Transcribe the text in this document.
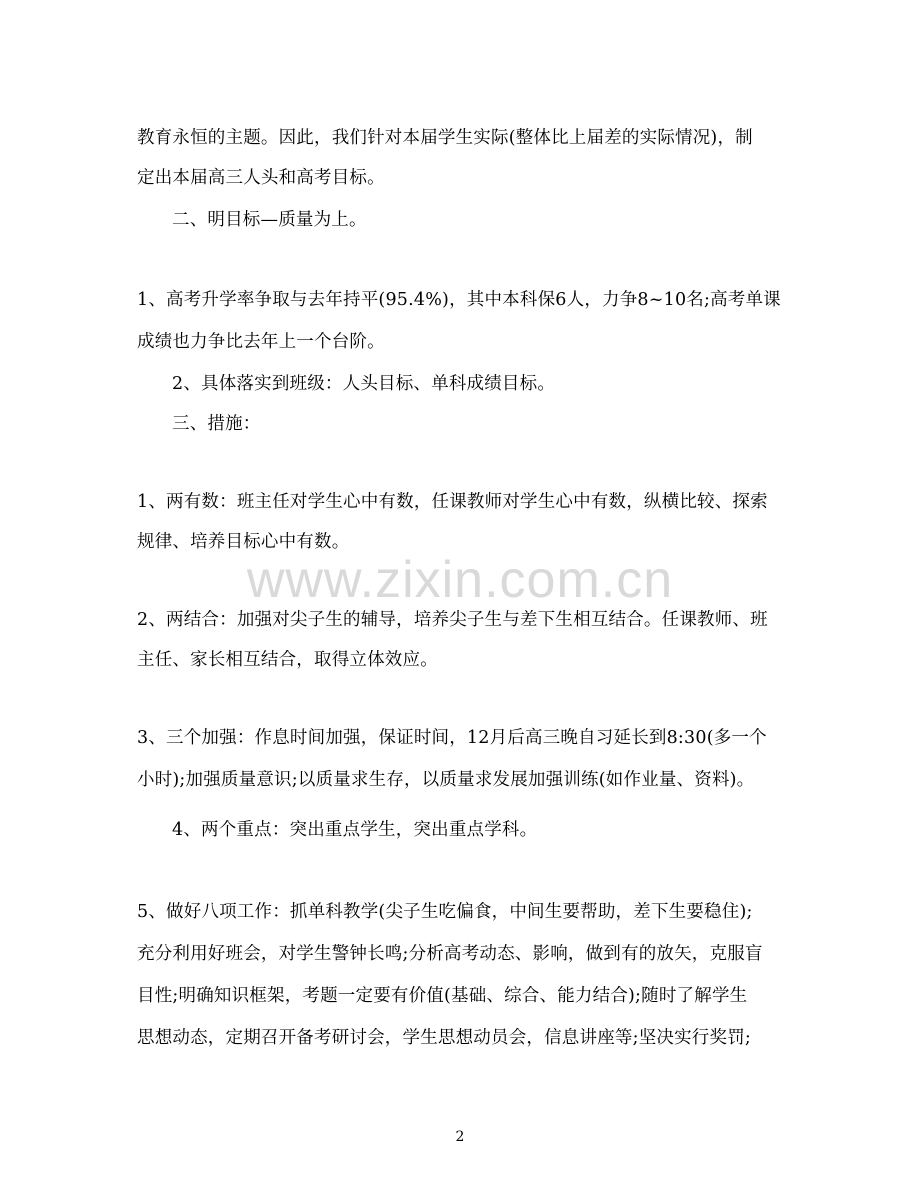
教育永恒的主题。因此，我们针对本届学生实际(整体比上届差的实际情况)，制
定出本届高三人头和高考目标。
二、明目标—质量为上。
1、高考升学率争取与去年持平(95.4%)，其中本科保6人，力争8~10名;高考单课
成绩也力争比去年上一个台阶。
2、具体落实到班级：人头目标、单科成绩目标。
三、措施：
1、两有数：班主任对学生心中有数，任课教师对学生心中有数，纵横比较、探索
规律、培养目标心中有数。
2、两结合：加强对尖子生的辅导，培养尖子生与差下生相互结合。任课教师、班
主任、家长相互结合，取得立体效应。
3、三个加强：作息时间加强，保证时间，12月后高三晚自习延长到8:30(多一个
小时);加强质量意识;以质量求生存，以质量求发展加强训练(如作业量、资料)。
4、两个重点：突出重点学生，突出重点学科。
5、做好八项工作：抓单科教学(尖子生吃偏食，中间生要帮助，差下生要稳住);
充分利用好班会，对学生警钟长鸣;分析高考动态、影响，做到有的放矢，克服盲
目性;明确知识框架，考题一定要有价值(基础、综合、能力结合);随时了解学生
思想动态，定期召开备考研讨会，学生思想动员会，信息讲座等;坚决实行奖罚;
www.zixin.com.cn
2
